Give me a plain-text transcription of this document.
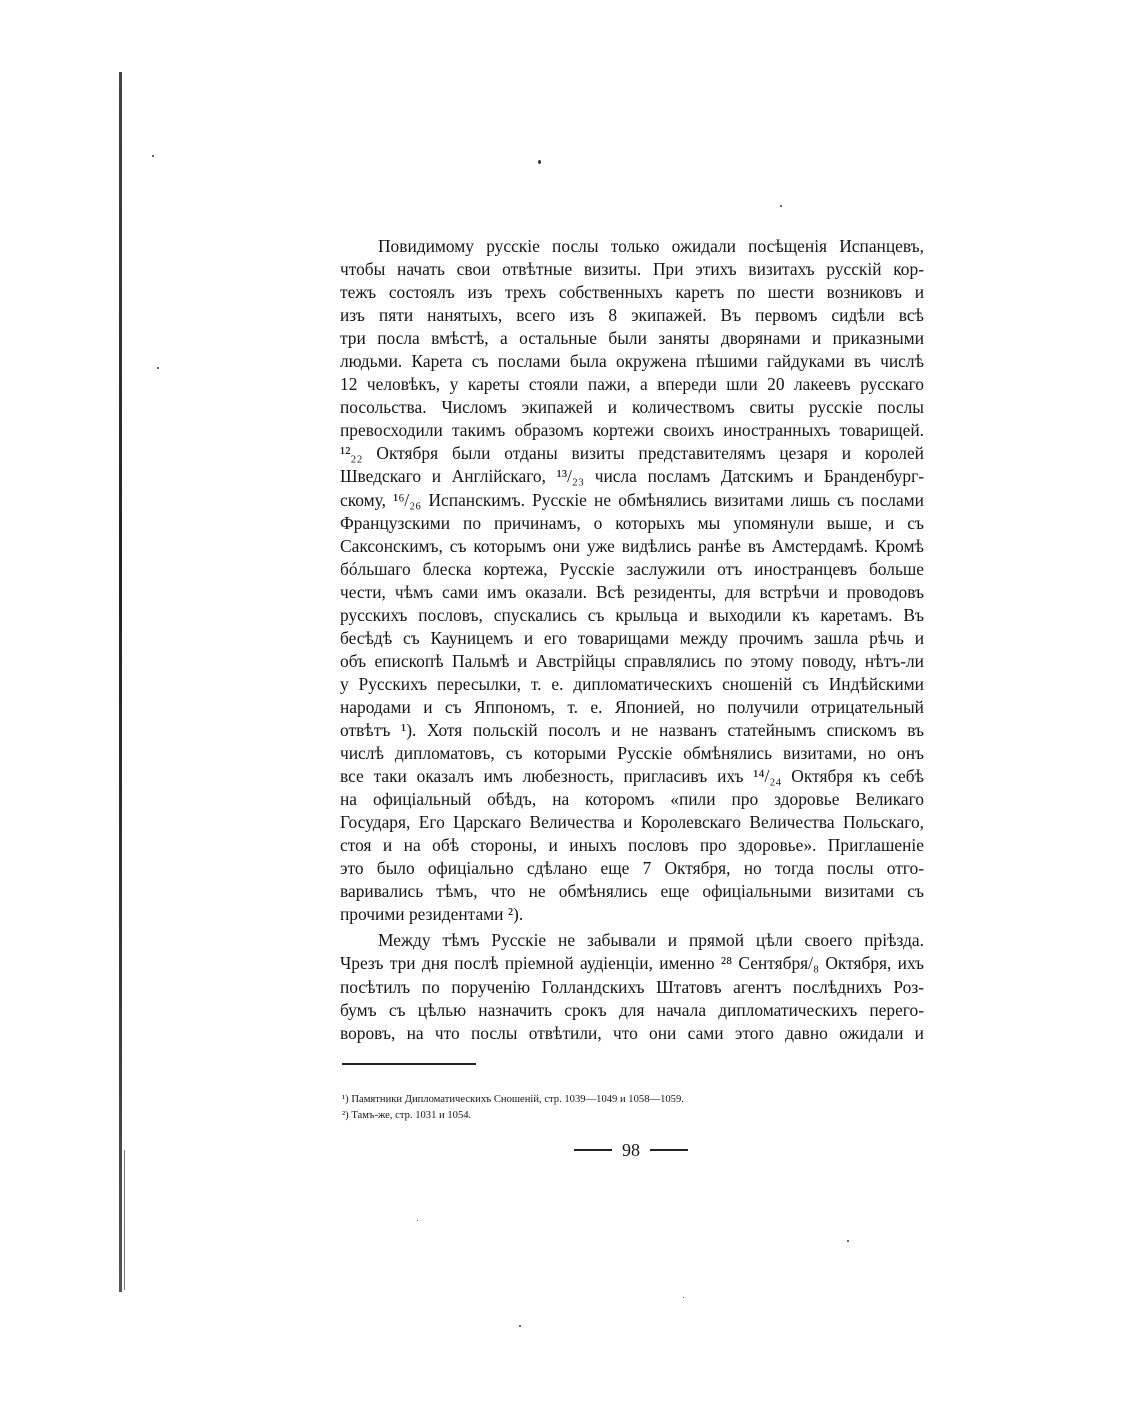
Повидимому русскіе послы только ожидали посѣщенія Испанцевъ,
чтобы начать свои отвѣтные визиты. При этихъ визитахъ русскій кор-
тежъ состоялъ изъ трехъ собственныхъ каретъ по шести возниковъ и
изъ пяти нанятыхъ, всего изъ 8 экипажей. Въ первомъ сидѣли всѣ
три посла вмѣстѣ, а остальные были заняты дворянами и приказными
людьми. Карета съ послами была окружена пѣшими гайдуками въ числѣ
12 человѣкъ, у кареты стояли пажи, а впереди шли 20 лакеевъ русскаго
посольства. Числомъ экипажей и количествомъ свиты русскіе послы
превосходили такимъ образомъ кортежи своихъ иностранныхъ товарищей.
¹²₂₂ Октября были отданы визиты представителямъ цезаря и королей
Шведскаго и Англійскаго, ¹³/₂₃ числа посламъ Датскимъ и Бранденбург-
скому, ¹⁶/₂₆ Испанскимъ. Русскіе не обмѣнялись визитами лишь съ послами
Французскими по причинамъ, о которыхъ мы упомянули выше, и съ
Саксонскимъ, съ которымъ они уже видѣлись ранѣе въ Амстердамѣ. Кромѣ
бóльшаго блеска кортежа, Русскіе заслужили отъ иностранцевъ больше
чести, чѣмъ сами имъ оказали. Всѣ резиденты, для встрѣчи и проводовъ
русскихъ пословъ, спускались съ крыльца и выходили къ каретамъ. Въ
бесѣдѣ съ Кауницемъ и его товарищами между прочимъ зашла рѣчь и
объ епископѣ Пальмѣ и Австрійцы справлялись по этому поводу, нѣтъ-ли
у Русскихъ пересылки, т. е. дипломатическихъ сношеній съ Индѣйскими
народами и съ Яппономъ, т. е. Японией, но получили отрицательный
отвѣтъ ¹). Хотя польскій посолъ и не названъ статейнымъ спискомъ въ
числѣ дипломатовъ, съ которыми Русскіе обмѣнялись визитами, но онъ
все таки оказалъ имъ любезность, пригласивъ ихъ ¹⁴/₂₄ Октября къ себѣ
на офиціальный обѣдъ, на которомъ «пили про здоровье Великаго
Государя, Его Царскаго Величества и Королевскаго Величества Польскаго,
стоя и на обѣ стороны, и иныхъ пословъ про здоровье». Приглашеніе
это было офиціально сдѣлано еще 7 Октября, но тогда послы отго-
варивались тѣмъ, что не обмѣнялись еще офиціальными визитами съ
прочими резидентами ²).

Между тѣмъ Русскіе не забывали и прямой цѣли своего пріѣзда.
Чрезъ три дня послѣ пріемной аудіенціи, именно ²⁸ Сентября/₈ Октября, ихъ
посѣтилъ по порученію Голландскихъ Штатовъ агентъ послѣднихъ Роз-
бумъ съ цѣлью назначить срокъ для начала дипломатическихъ перего-
воровъ, на что послы отвѣтили, что они сами этого давно ожидали и

¹) Памятники Дипломатическихъ Сношеній, стр. 1039—1049 и 1058—1059.
²) Тамъ-же, стр. 1031 и 1054.
98
